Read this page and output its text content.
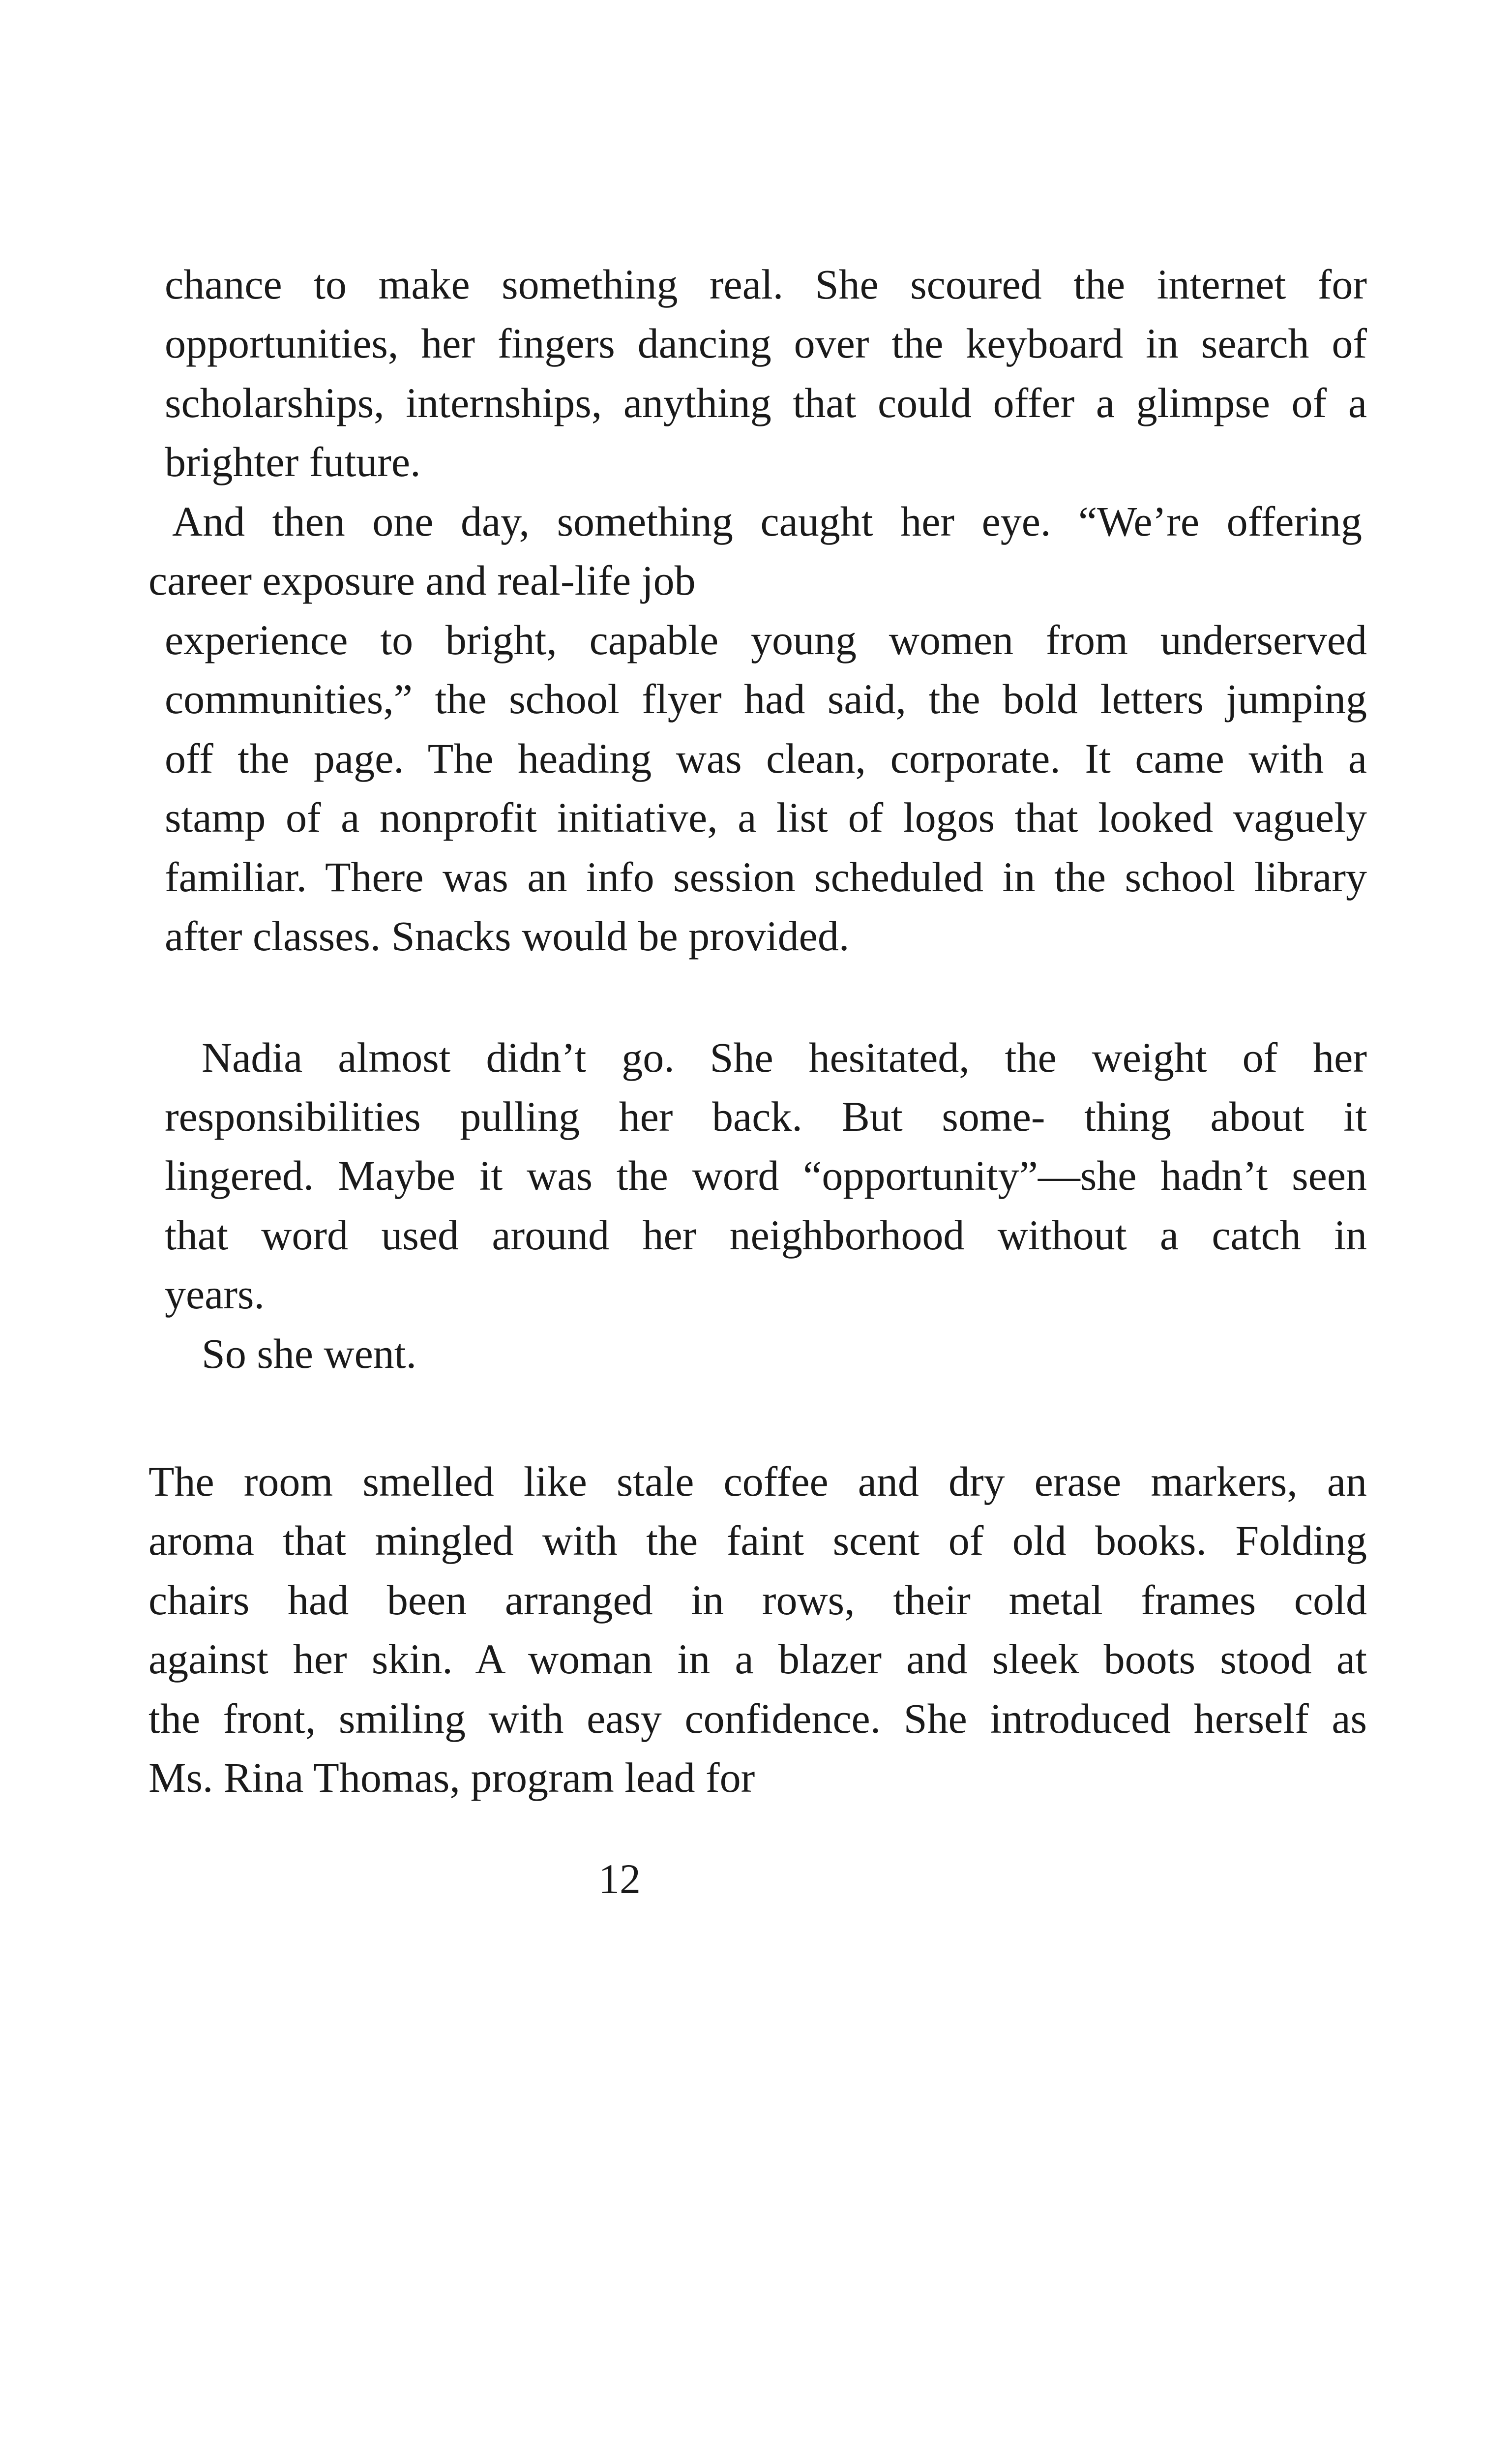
chance to make something real. She scoured the internet for
opportunities, her fingers dancing over the keyboard in search of
scholarships, internships, anything that could offer a glimpse of a
brighter future.
And then one day, something caught her eye. “We’re offering
career exposure and real-life job
experience to bright, capable young women from underserved
communities,” the school flyer had said, the bold letters jumping
off the page. The heading was clean, corporate. It came with a
stamp of a nonprofit initiative, a list of logos that looked vaguely
familiar. There was an info session scheduled in the school library
after classes. Snacks would be provided.
Nadia almost didn’t go. She hesitated, the weight of her
responsibilities pulling her back. But some- thing about it
lingered. Maybe it was the word “opportunity”—she hadn’t seen
that word used around her neighborhood without a catch in
years.
So she went.
The room smelled like stale coffee and dry erase markers, an
aroma that mingled with the faint scent of old books. Folding
chairs had been arranged in rows, their metal frames cold
against her skin. A woman in a blazer and sleek boots stood at
the front, smiling with easy confidence. She introduced herself as
Ms. Rina Thomas, program lead for
12
